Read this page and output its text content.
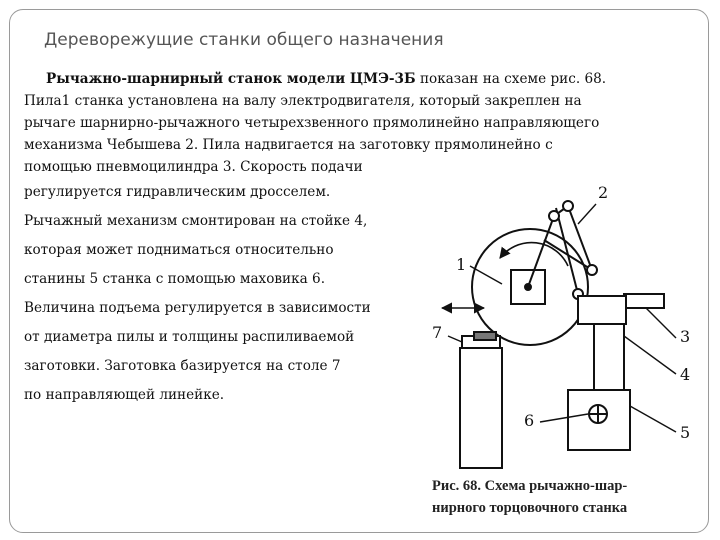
Дереворежущие станки общего назначения
Рычажно-шарнирный станок модели ЦМЭ-3Б показан на схеме рис. 68.
Пила1 станка установлена на валу электродвигателя, который закреплен на
рычаге шарнирно-рычажного четырехзвенного прямолинейно направляющего
механизма Чебышева 2. Пила надвигается на заготовку прямолинейно с
помощью пневмоцилиндра 3. Скорость подачи
регулируется гидравлическим дросселем.
Рычажный механизм смонтирован на стойке 4,
которая может подниматься относительно
станины 5 станка с помощью маховика 6.
Величина подъема регулируется в зависимости
от диаметра пилы и толщины распиливаемой
заготовки. Заготовка базируется на столе 7
по направляющей линейке.
1
2
3
4
5
6
7
Рис. 68. Схема рычажно-шар-
нирного торцовочного станка
